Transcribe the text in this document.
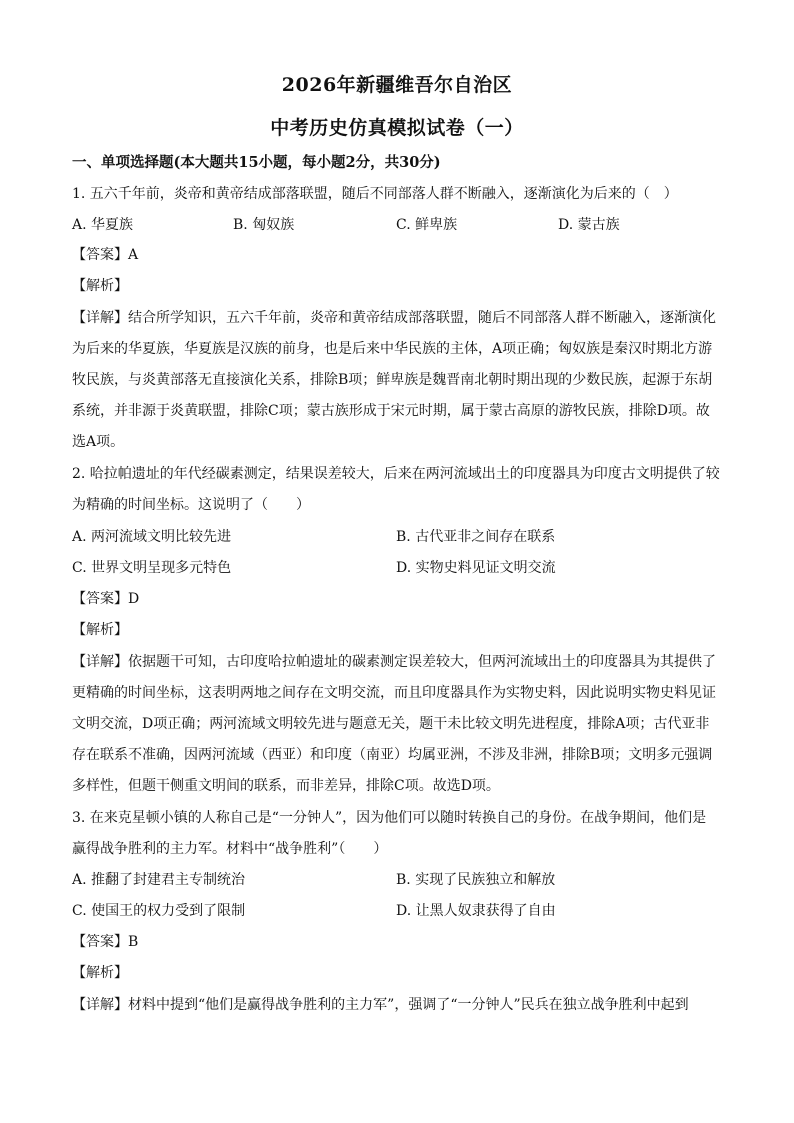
2026年新疆维吾尔自治区
中考历史仿真模拟试卷（一）
一、单项选择题(本大题共15小题，每小题2分，共30分)
1. 五六千年前，炎帝和黄帝结成部落联盟，随后不同部落人群不断融入，逐渐演化为后来的（　）
A. 华夏族	B. 匈奴族	C. 鲜卑族	D. 蒙古族
【答案】A
【解析】
【详解】结合所学知识，五六千年前，炎帝和黄帝结成部落联盟，随后不同部落人群不断融入，逐渐演化
为后来的华夏族，华夏族是汉族的前身，也是后来中华民族的主体，A项正确；匈奴族是秦汉时期北方游
牧民族，与炎黄部落无直接演化关系，排除B项；鲜卑族是魏晋南北朝时期出现的少数民族，起源于东胡
系统，并非源于炎黄联盟，排除C项；蒙古族形成于宋元时期，属于蒙古高原的游牧民族，排除D项。故
选A项。
2. 哈拉帕遗址的年代经碳素测定，结果误差较大，后来在两河流域出土的印度器具为印度古文明提供了较
为精确的时间坐标。这说明了（　　）
A. 两河流域文明比较先进	B. 古代亚非之间存在联系
C. 世界文明呈现多元特色	D. 实物史料见证文明交流
【答案】D
【解析】
【详解】依据题干可知，古印度哈拉帕遗址的碳素测定误差较大，但两河流域出土的印度器具为其提供了
更精确的时间坐标，这表明两地之间存在文明交流，而且印度器具作为实物史料，因此说明实物史料见证
文明交流，D项正确；两河流域文明较先进与题意无关，题干未比较文明先进程度，排除A项；古代亚非
存在联系不准确，因两河流域（西亚）和印度（南亚）均属亚洲，不涉及非洲，排除B项；文明多元强调
多样性，但题干侧重文明间的联系，而非差异，排除C项。故选D项。
3. 在来克星顿小镇的人称自己是“一分钟人”，因为他们可以随时转换自己的身份。在战争期间，他们是
赢得战争胜利的主力军。材料中“战争胜利”（　　）
A. 推翻了封建君主专制统治	B. 实现了民族独立和解放
C. 使国王的权力受到了限制	D. 让黑人奴隶获得了自由
【答案】B
【解析】
【详解】材料中提到“他们是赢得战争胜利的主力军”，强调了“一分钟人”民兵在独立战争胜利中起到
